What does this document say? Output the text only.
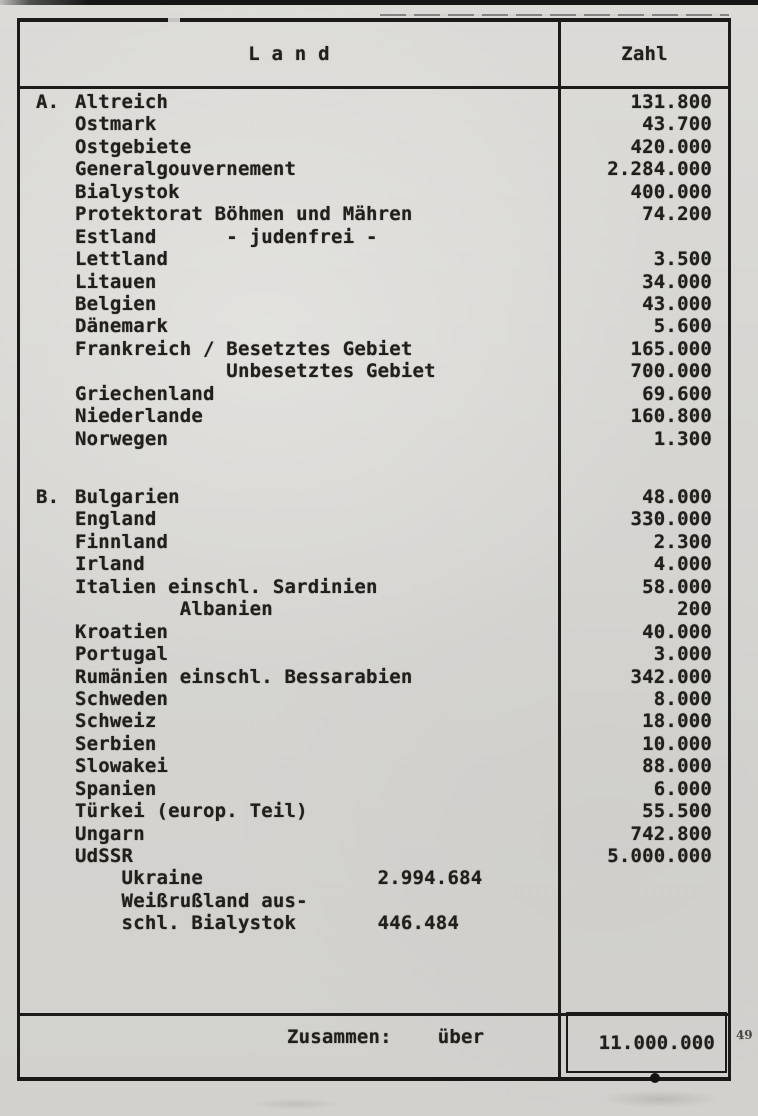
L a n d	Zahl
A. Altreich	131.800
Ostmark	43.700
Ostgebiete	420.000
Generalgouvernement	2.284.000
Bialystok	400.000
Protektorat Böhmen und Mähren	74.200
Estland      - judenfrei -
Lettland	3.500
Litauen	34.000
Belgien	43.000
Dänemark	5.600
Frankreich / Besetztes Gebiet	165.000
Unbesetztes Gebiet	700.000
Griechenland	69.600
Niederlande	160.800
Norwegen	1.300
B. Bulgarien	48.000
England	330.000
Finnland	2.300
Irland	4.000
Italien einschl. Sardinien	58.000
Albanien	200
Kroatien	40.000
Portugal	3.000
Rumänien einschl. Bessarabien	342.000
Schweden	8.000
Schweiz	18.000
Serbien	10.000
Slowakei	88.000
Spanien	6.000
Türkei (europ. Teil)	55.500
Ungarn	742.800
UdSSR	5.000.000
Ukraine               2.994.684
Weißrußland aus-
schl. Bialystok       446.484
Zusammen: über	11.000.000 49
